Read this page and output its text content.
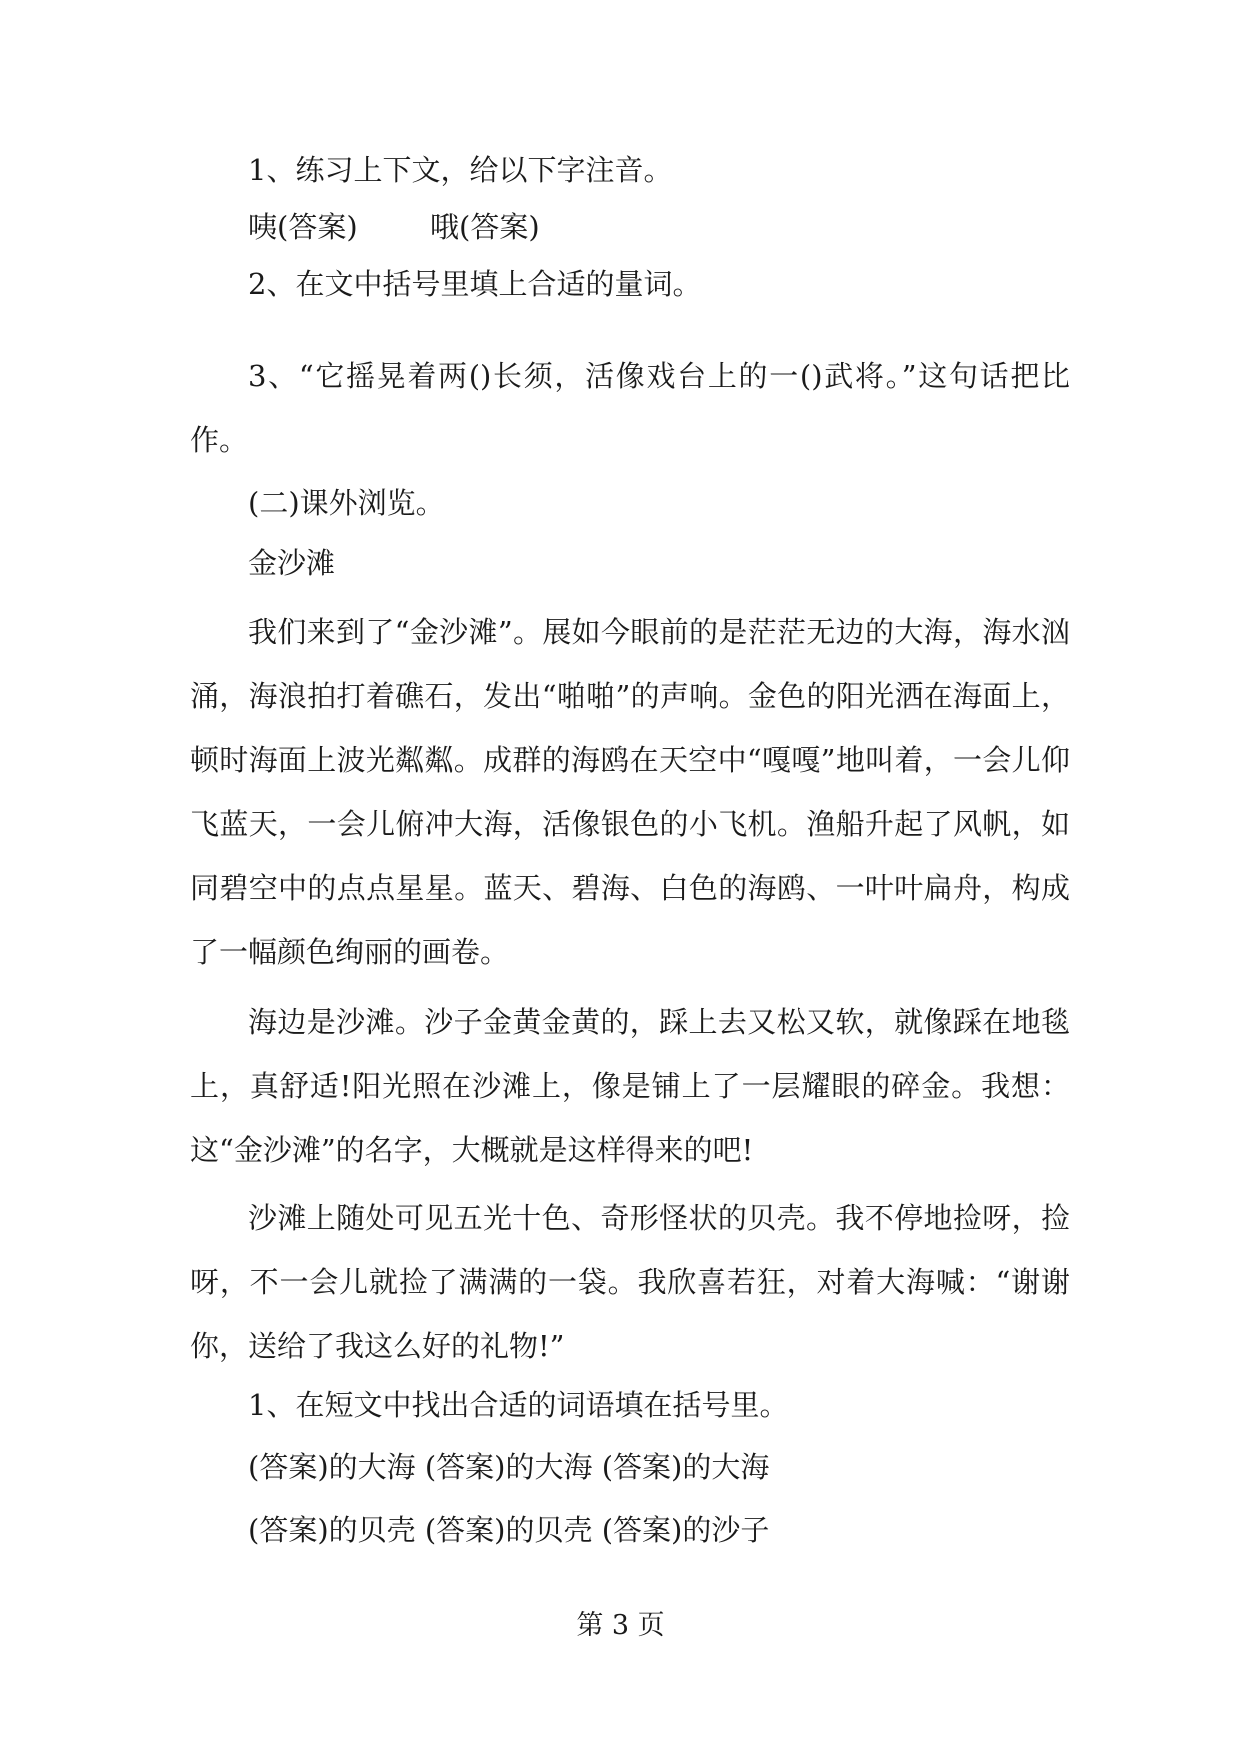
1、练习上下文，给以下字注音。
咦(答案) 哦(答案)
2、在文中括号里填上合适的量词。

3、“它摇晃着两()长须，活像戏台上的一()武将。”这句话把比作。

(二)课外浏览。
金沙滩

我们来到了“金沙滩”。展如今眼前的是茫茫无边的大海，海水汹涌，海浪拍打着礁石，发出“啪啪”的声响。金色的阳光洒在海面上，顿时海面上波光粼粼。成群的海鸥在天空中“嘎嘎”地叫着，一会儿仰飞蓝天，一会儿俯冲大海，活像银色的小飞机。渔船升起了风帆，如同碧空中的点点星星。蓝天、碧海、白色的海鸥、一叶叶扁舟，构成了一幅颜色绚丽的画卷。

海边是沙滩。沙子金黄金黄的，踩上去又松又软，就像踩在地毯上，真舒适!阳光照在沙滩上，像是铺上了一层耀眼的碎金。我想：这“金沙滩”的名字，大概就是这样得来的吧!

沙滩上随处可见五光十色、奇形怪状的贝壳。我不停地捡呀，捡呀，不一会儿就捡了满满的一袋。我欣喜若狂，对着大海喊：“谢谢你，送给了我这么好的礼物!”

1、在短文中找出合适的词语填在括号里。
(答案)的大海 (答案)的大海 (答案)的大海
(答案)的贝壳 (答案)的贝壳 (答案)的沙子
第 3 页
